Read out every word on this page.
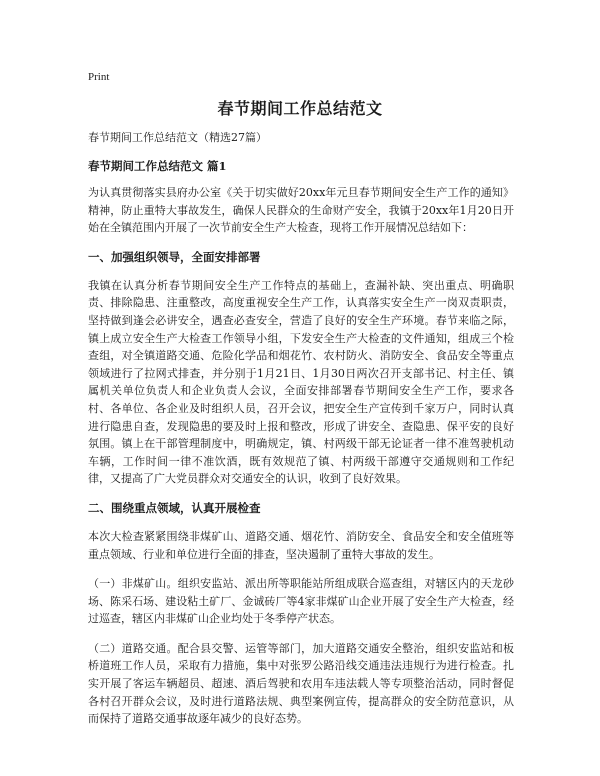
Print
春节期间工作总结范文

春节期间工作总结范文（精选27篇）

春节期间工作总结范文 篇1

为认真贯彻落实县府办公室《关于切实做好20xx年元旦春节期间安全生产工作的通知》精神，防止重特大事故发生，确保人民群众的生命财产安全，我镇于20xx年1月20日开始在全镇范围内开展了一次节前安全生产大检查，现将工作开展情况总结如下：

一、加强组织领导，全面安排部署

我镇在认真分析春节期间安全生产工作特点的基础上，查漏补缺、突出重点、明确职责、排除隐患、注重整改，高度重视安全生产工作，认真落实安全生产一岗双责职责，坚持做到逢会必讲安全，遇查必查安全，营造了良好的安全生产环境。春节来临之际，镇上成立安全生产大检查工作领导小组，下发安全生产大检查的文件通知，组成三个检查组，对全镇道路交通、危险化学品和烟花竹、农村防火、消防安全、食品安全等重点领域进行了拉网式排查，并分别于1月21日、1月30日两次召开支部书记、村主任、镇属机关单位负责人和企业负责人会议，全面安排部署春节期间安全生产工作，要求各村、各单位、各企业及时组织人员，召开会议，把安全生产宣传到千家万户，同时认真进行隐患自查，发现隐患的要及时上报和整改，形成了讲安全、查隐患、保平安的良好氛围。镇上在干部管理制度中，明确规定，镇、村两级干部无论证者一律不准驾驶机动车辆，工作时间一律不准饮酒，既有效规范了镇、村两级干部遵守交通规则和工作纪律，又提高了广大党员群众对交通安全的认识，收到了良好效果。

二、围绕重点领域，认真开展检查

本次大检查紧紧围绕非煤矿山、道路交通、烟花竹、消防安全、食品安全和安全值班等重点领域、行业和单位进行全面的排查，坚决遏制了重特大事故的发生。

（一）非煤矿山。组织安监站、派出所等职能站所组成联合巡查组，对辖区内的天龙砂场、陈采石场、建设粘土矿厂、金诚砖厂等4家非煤矿山企业开展了安全生产大检查，经过巡查，辖区内非煤矿山企业均处于冬季停产状态。

（二）道路交通。配合县交警、运管等部门，加大道路交通安全整治，组织安监站和板桥道班工作人员，采取有力措施，集中对张罗公路沿线交通违法违规行为进行检查。扎实开展了客运车辆超员、超速、酒后驾驶和农用车违法载人等专项整治活动，同时督促各村召开群众会议，及时进行道路法规、典型案例宣传，提高群众的安全防范意识，从而保持了道路交通事故逐年减少的良好态势。
